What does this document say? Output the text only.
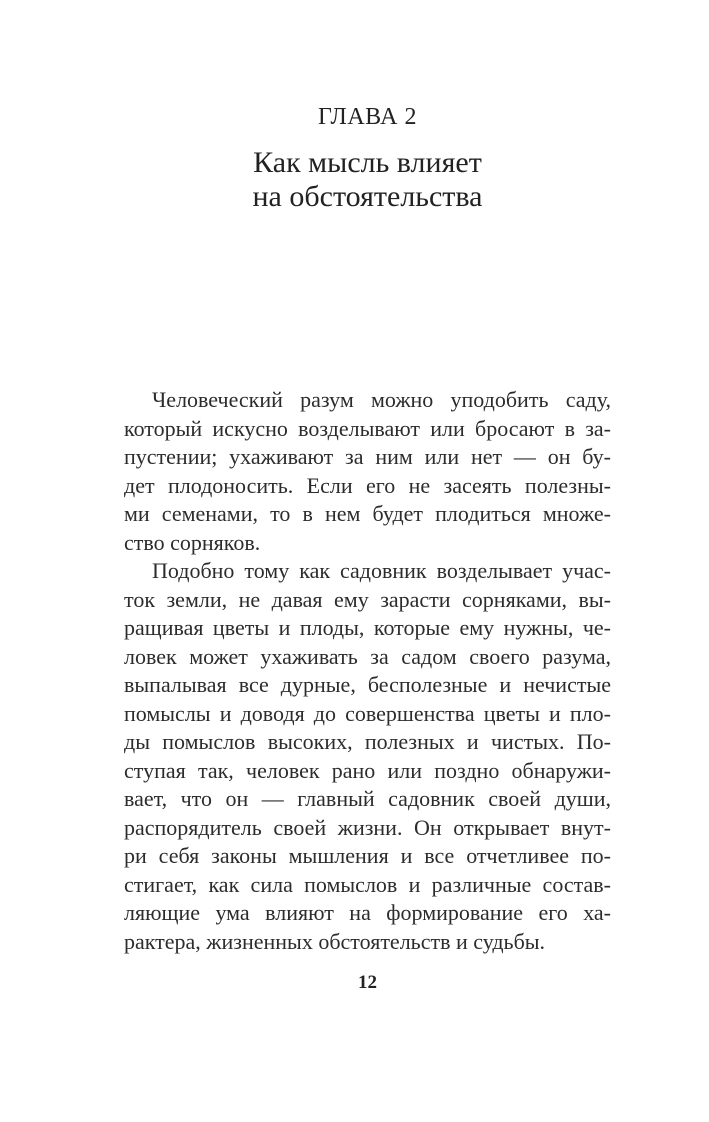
ГЛАВА 2
Как мысль влияет
на обстоятельства
Человеческий разум можно уподобить саду,
который искусно возделывают или бросают в за-
пустении; ухаживают за ним или нет — он бу-
дет плодоносить. Если его не засеять полезны-
ми семенами, то в нем будет плодиться множе-
ство сорняков.
Подобно тому как садовник возделывает учас-
ток земли, не давая ему зарасти сорняками, вы-
ращивая цветы и плоды, которые ему нужны, че-
ловек может ухаживать за садом своего разума,
выпалывая все дурные, бесполезные и нечистые
помыслы и доводя до совершенства цветы и пло-
ды помыслов высоких, полезных и чистых. По-
ступая так, человек рано или поздно обнаружи-
вает, что он — главный садовник своей души,
распорядитель своей жизни. Он открывает внут-
ри себя законы мышления и все отчетливее по-
стигает, как сила помыслов и различные состав-
ляющие ума влияют на формирование его ха-
рактера, жизненных обстоятельств и судьбы.
12
